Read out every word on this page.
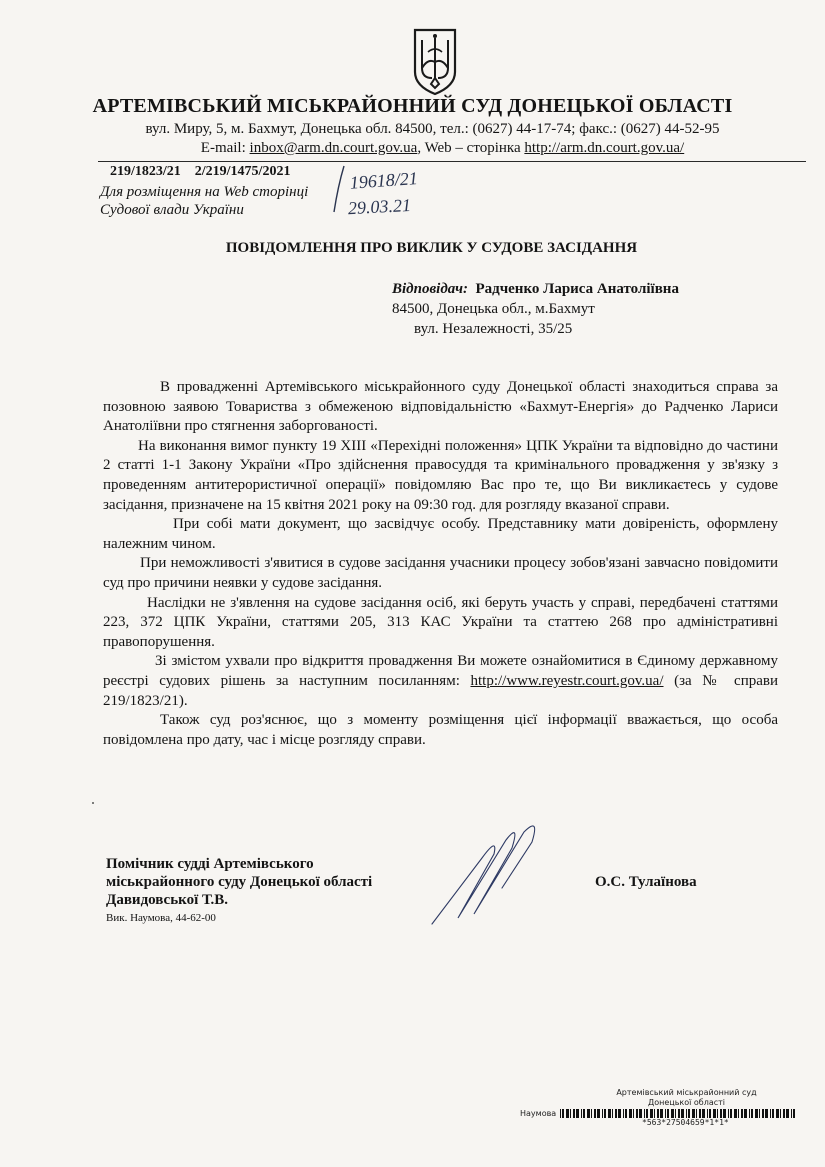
АРТЕМІВСЬКИЙ МІСЬКРАЙОННИЙ СУД ДОНЕЦЬКОЇ ОБЛАСТІ
вул. Миру, 5, м. Бахмут, Донецька обл. 84500, тел.: (0627) 44-17-74; факс.: (0627) 44-52-95
E-mail: inbox@arm.dn.court.gov.ua, Web – сторінка http://arm.dn.court.gov.ua/
219/1823/21    2/219/1475/2021
Для розміщення на Web сторінці
Судової влади України
19618/21
29.03.21
ПОВІДОМЛЕННЯ ПРО ВИКЛИК У СУДОВЕ ЗАСІДАННЯ
Відповідач: Радченко Лариса Анатоліївна
84500, Донецька обл., м.Бахмут
вул. Незалежності, 35/25

В провадженні Артемівського міськрайонного суду Донецької області знаходиться справа за позовною заявою Товариства з обмеженою відповідальністю «Бахмут-Енергія» до Радченко Лариси Анатоліївни про стягнення заборгованості.

На виконання вимог пункту 19 XIII «Перехідні положення» ЦПК України та відповідно до частини 2 статті 1-1 Закону України «Про здійснення правосуддя та кримінального провадження у зв'язку з проведенням антитерористичної операції» повідомляю Вас про те, що Ви викликаєтесь у судове засідання, призначене на 15 квітня 2021 року на 09:30 год. для розгляду вказаної справи.

При собі мати документ, що засвідчує особу. Представнику мати довіреність, оформлену належним чином.

При неможливості з'явитися в судове засідання учасники процесу зобов'язані завчасно повідомити суд про причини неявки у судове засідання.

Наслідки не з'явлення на судове засідання осіб, які беруть участь у справі, передбачені статтями 223, 372 ЦПК України, статтями 205, 313 КАС України та статтею 268 про адміністративні правопорушення.

Зі змістом ухвали про відкриття провадження Ви можете ознайомитися в Єдиному державному реєстрі судових рішень за наступним посиланням: http://www.reyestr.court.gov.ua/ (за № справи 219/1823/21).

Також суд роз'яснює, що з моменту розміщення цієї інформації вважається, що особа повідомлена про дату, час і місце розгляду справи.

Помічник судді Артемівського
міськрайонного суду Донецької області
Давидовської Т.В.
Вик. Наумова, 44-62-00
О.С. Тулаїнова
Артемівський міськрайонний суд
Донецької області
Наумова
*563*27504659*1*1*
